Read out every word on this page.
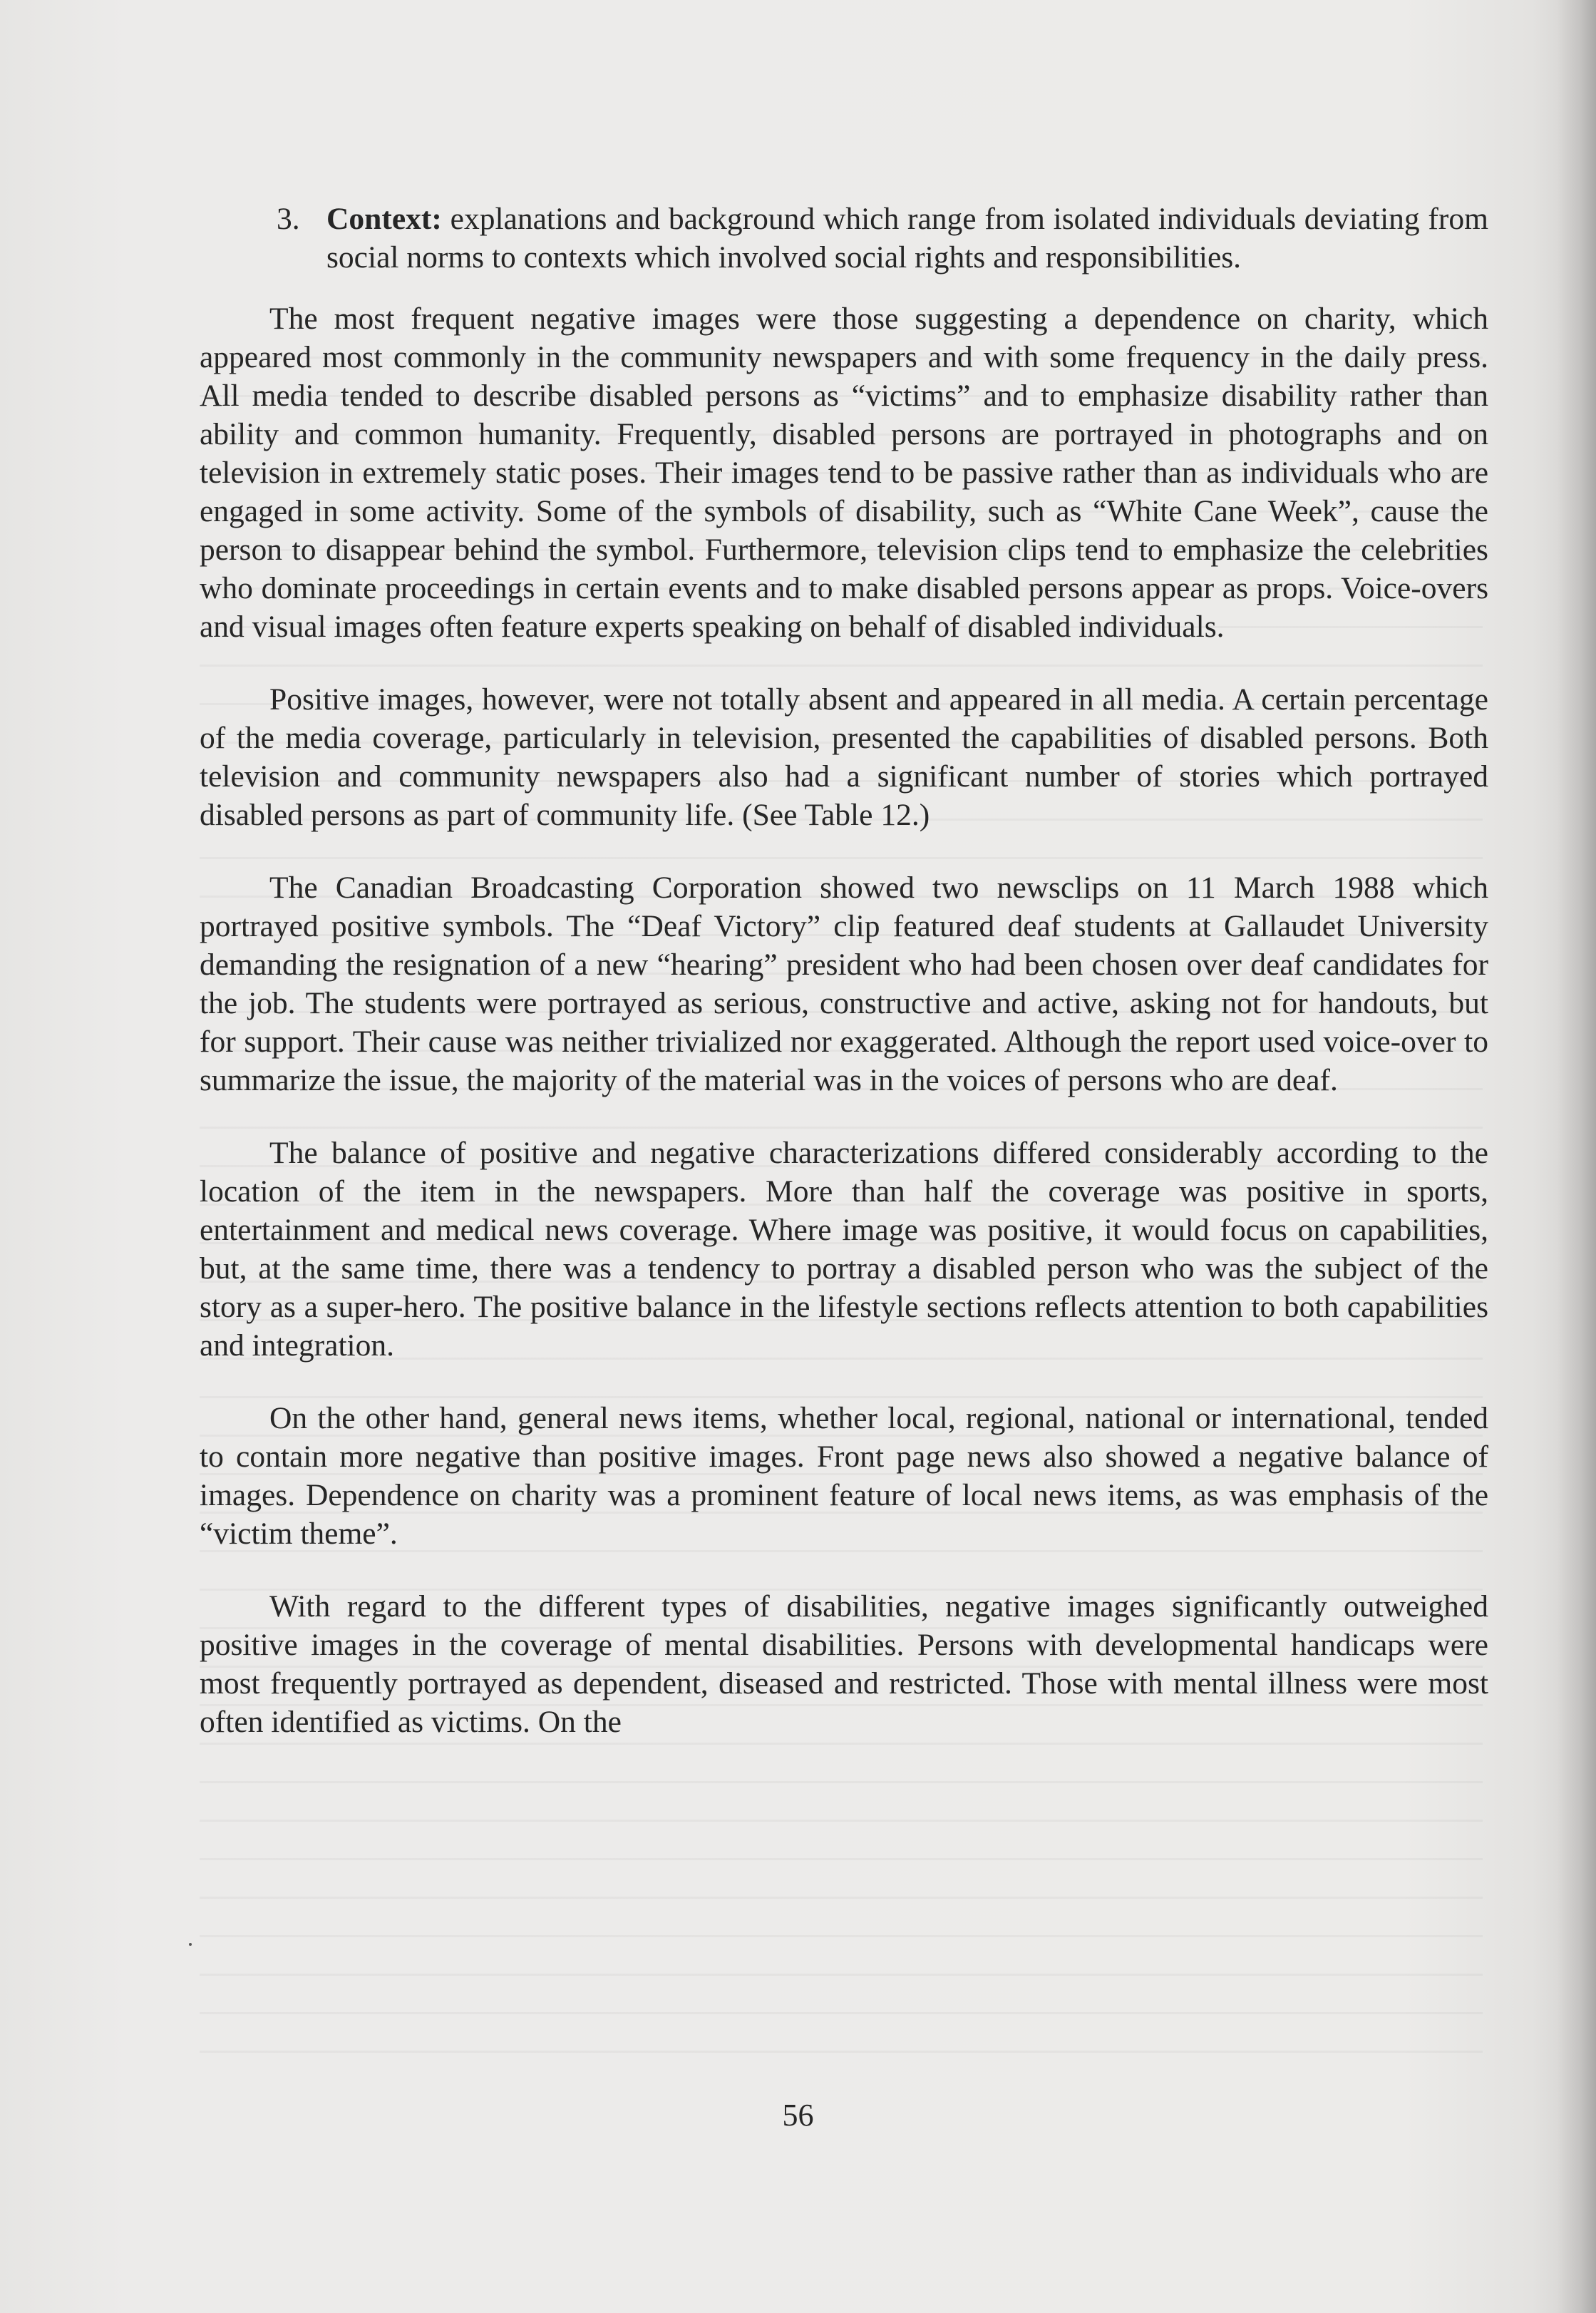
3. Context: explanations and background which range from isolated individuals deviating from social norms to contexts which involved social rights and responsibilities.

The most frequent negative images were those suggesting a dependence on charity, which appeared most commonly in the community newspapers and with some frequency in the daily press. All media tended to describe disabled persons as “victims” and to emphasize disability rather than ability and common humanity. Frequently, disabled persons are portrayed in photographs and on television in extremely static poses. Their images tend to be passive rather than as individuals who are engaged in some activity. Some of the symbols of disability, such as “White Cane Week”, cause the person to disappear behind the symbol. Furthermore, television clips tend to emphasize the celebrities who dominate proceedings in certain events and to make disabled persons appear as props. Voice-overs and visual images often feature experts speaking on behalf of disabled individuals.

Positive images, however, were not totally absent and appeared in all media. A certain percentage of the media coverage, particularly in television, presented the capabilities of disabled persons. Both television and community newspapers also had a significant number of stories which portrayed disabled persons as part of community life. (See Table 12.)

The Canadian Broadcasting Corporation showed two newsclips on 11 March 1988 which portrayed positive symbols. The “Deaf Victory” clip featured deaf students at Gallaudet University demanding the resignation of a new “hearing” president who had been chosen over deaf candidates for the job. The students were portrayed as serious, constructive and active, asking not for handouts, but for support. Their cause was neither trivialized nor exaggerated. Although the report used voice-over to summarize the issue, the majority of the material was in the voices of persons who are deaf.

The balance of positive and negative characterizations differed considerably according to the location of the item in the newspapers. More than half the coverage was positive in sports, entertainment and medical news coverage. Where image was positive, it would focus on capabilities, but, at the same time, there was a tendency to portray a disabled person who was the subject of the story as a super-hero. The positive balance in the lifestyle sections reflects attention to both capabilities and integration.

On the other hand, general news items, whether local, regional, national or international, tended to contain more negative than positive images. Front page news also showed a negative balance of images. Dependence on charity was a prominent feature of local news items, as was emphasis of the “victim theme”.

With regard to the different types of disabilities, negative images significantly outweighed positive images in the coverage of mental disabilities. Persons with developmental handicaps were most frequently portrayed as dependent, diseased and restricted. Those with mental illness were most often identified as victims. On the

56
